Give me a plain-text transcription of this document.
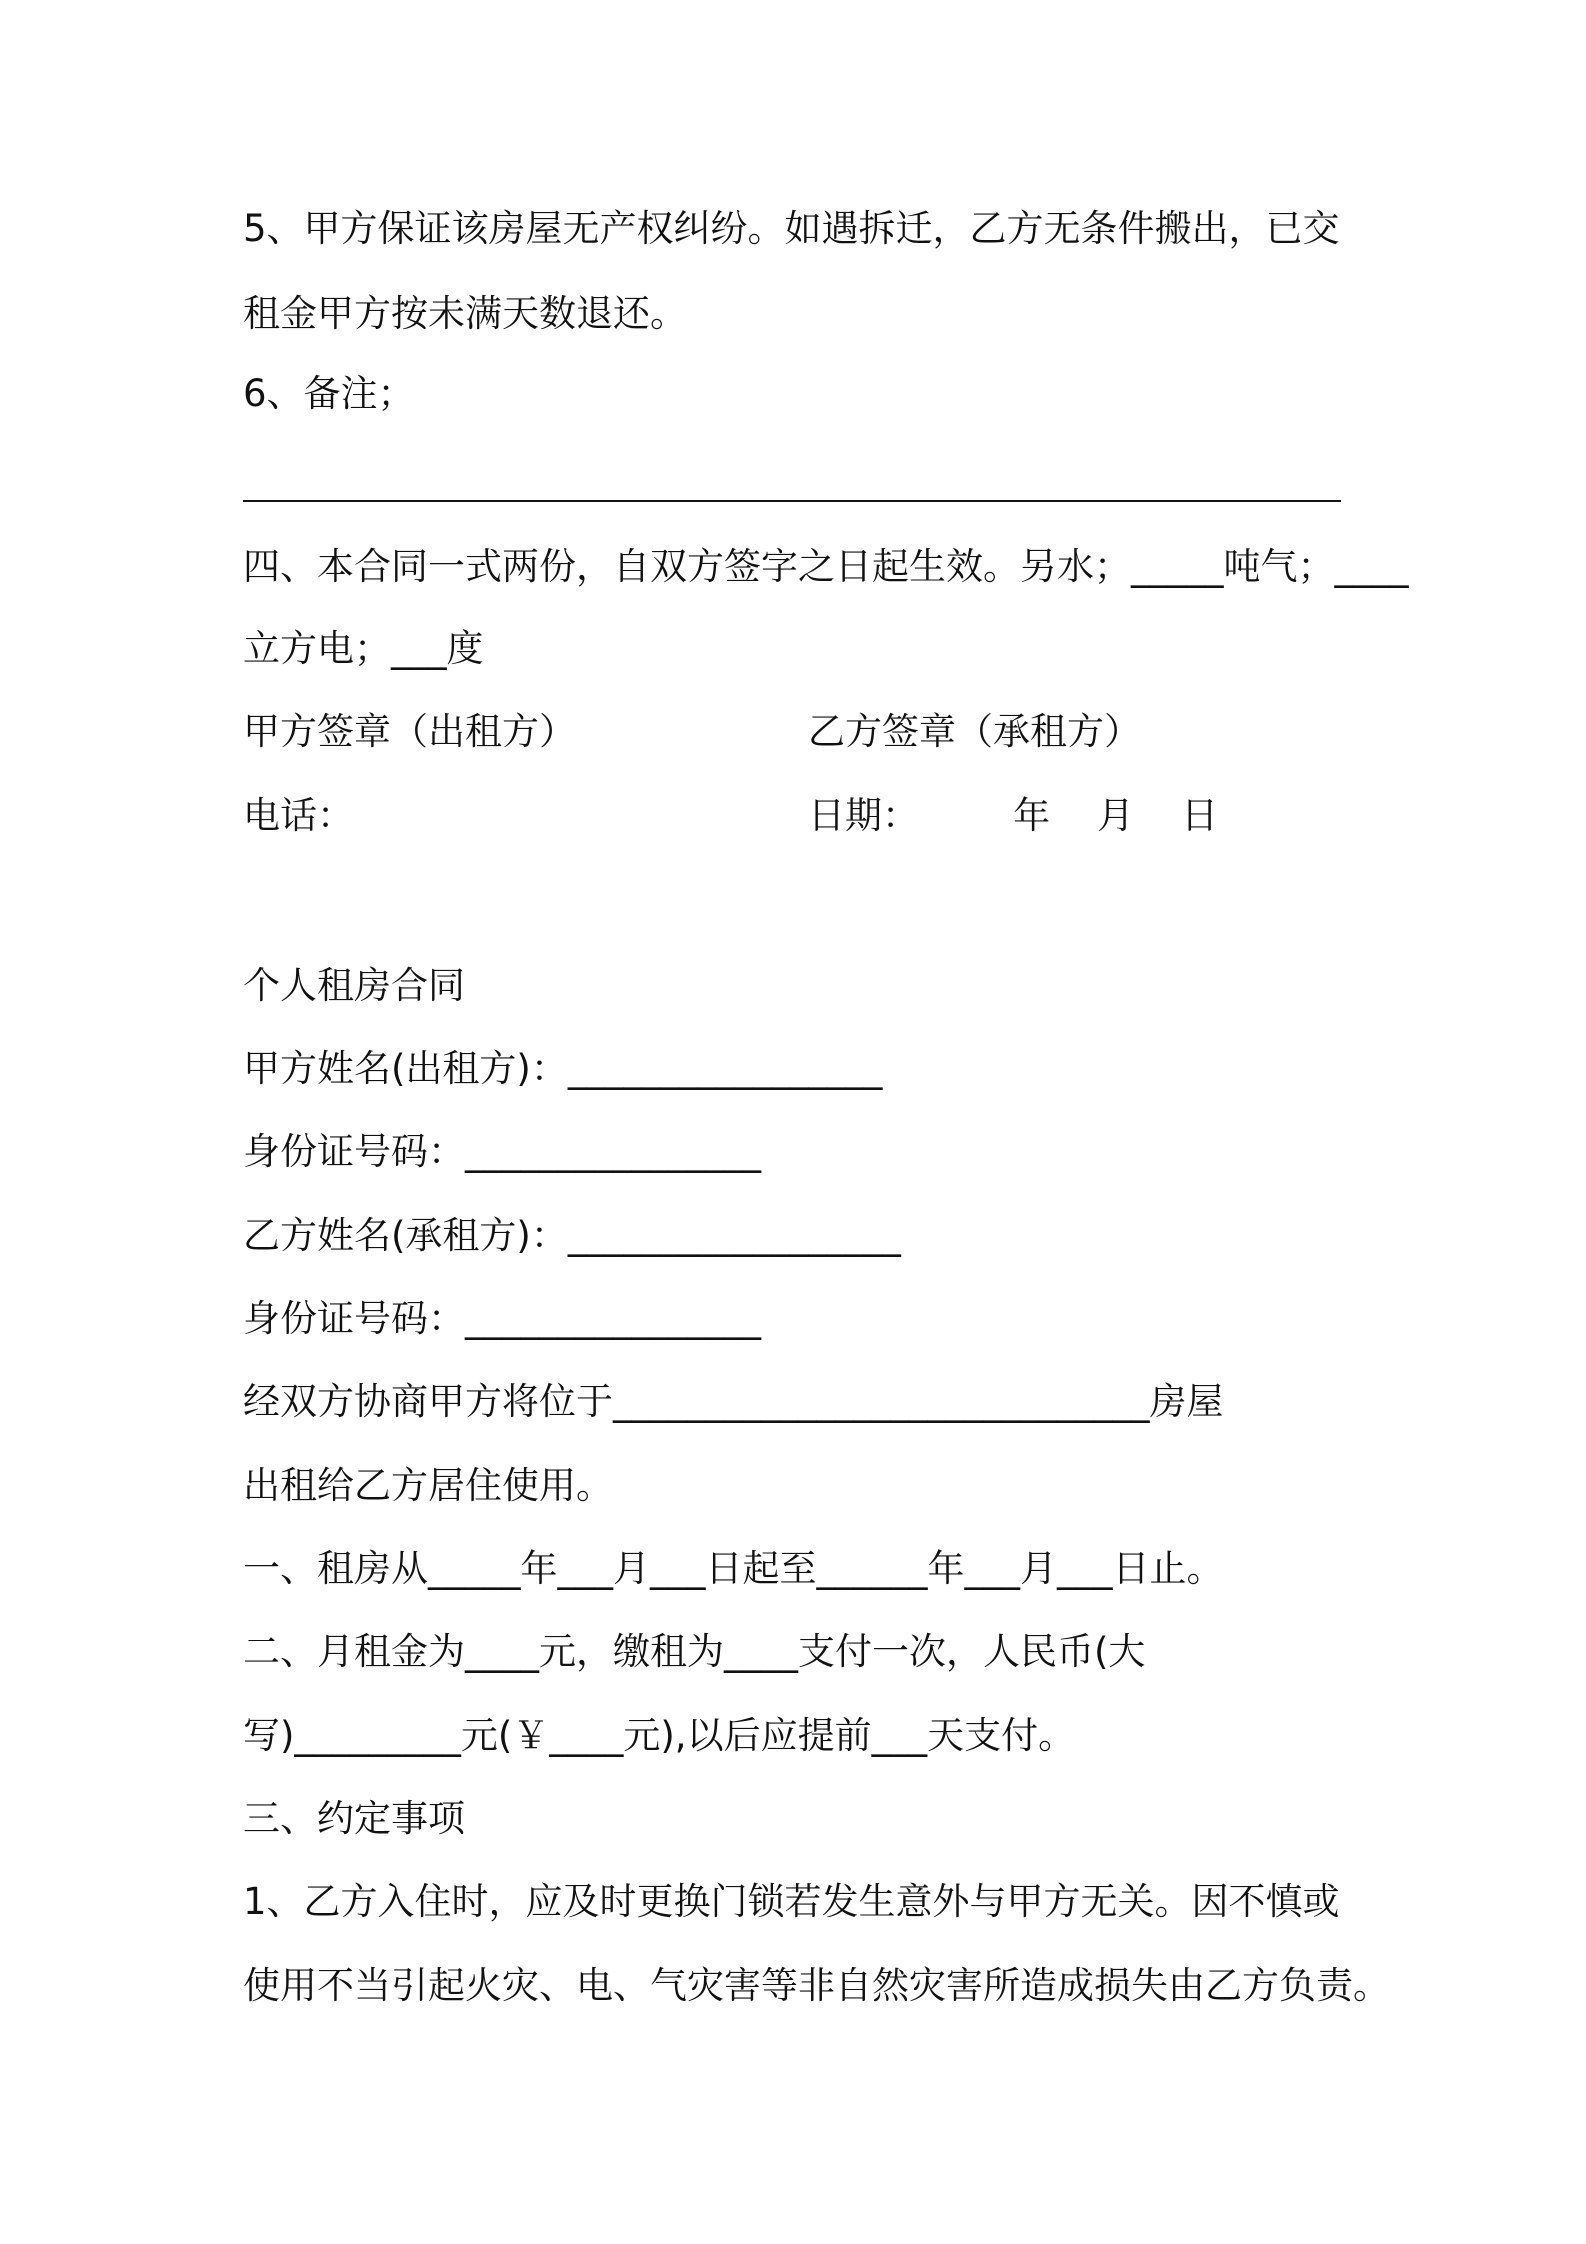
5、甲方保证该房屋无产权纠纷。如遇拆迁，乙方无条件搬出，已交
租金甲方按未满天数退还。
6、备注；
四、本合同一式两份，自双方签字之日起生效。另水；_____吨气；____
立方电；___度
甲方签章（出租方）	乙方签章（承租方）
电话：	日期：        年    月    日
个人租房合同
甲方姓名(出租方)：_________________
身份证号码：________________
乙方姓名(承租方)：__________________
身份证号码：________________
经双方协商甲方将位于_____________________________房屋
出租给乙方居住使用。
一、租房从_____年___月___日起至______年___月___日止。
二、月租金为____元，缴租为____支付一次，人民币(大
写)_________元(￥____元),以后应提前___天支付。
三、约定事项
1、乙方入住时，应及时更换门锁若发生意外与甲方无关。因不慎或
使用不当引起火灾、电、气灾害等非自然灾害所造成损失由乙方负责。
